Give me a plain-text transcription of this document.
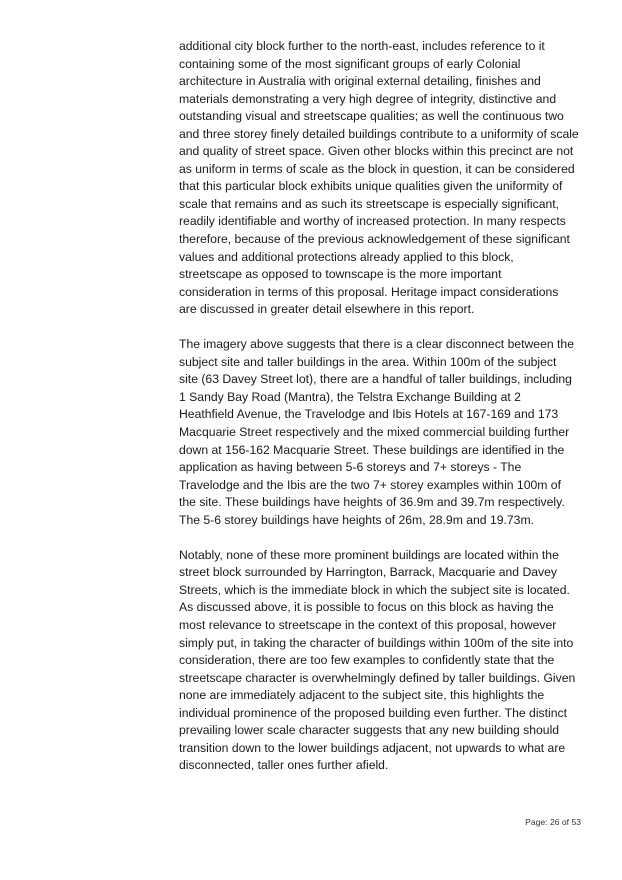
additional city block further to the north-east, includes reference to it
containing some of the most significant groups of early Colonial
architecture in Australia with original external detailing, finishes and
materials demonstrating a very high degree of integrity, distinctive and
outstanding visual and streetscape qualities; as well the continuous two
and three storey finely detailed buildings contribute to a uniformity of scale
and quality of street space. Given other blocks within this precinct are not
as uniform in terms of scale as the block in question, it can be considered
that this particular block exhibits unique qualities given the uniformity of
scale that remains and as such its streetscape is especially significant,
readily identifiable and worthy of increased protection. In many respects
therefore, because of the previous acknowledgement of these significant
values and additional protections already applied to this block,
streetscape as opposed to townscape is the more important
consideration in terms of this proposal. Heritage impact considerations
are discussed in greater detail elsewhere in this report.

The imagery above suggests that there is a clear disconnect between the
subject site and taller buildings in the area. Within 100m of the subject
site (63 Davey Street lot), there are a handful of taller buildings, including
1 Sandy Bay Road (Mantra), the Telstra Exchange Building at 2
Heathfield Avenue, the Travelodge and Ibis Hotels at 167-169 and 173
Macquarie Street respectively and the mixed commercial building further
down at 156-162 Macquarie Street. These buildings are identified in the
application as having between 5-6 storeys and 7+ storeys - The
Travelodge and the Ibis are the two 7+ storey examples within 100m of
the site. These buildings have heights of 36.9m and 39.7m respectively.
The 5-6 storey buildings have heights of 26m, 28.9m and 19.73m.

Notably, none of these more prominent buildings are located within the
street block surrounded by Harrington, Barrack, Macquarie and Davey
Streets, which is the immediate block in which the subject site is located.
As discussed above, it is possible to focus on this block as having the
most relevance to streetscape in the context of this proposal, however
simply put, in taking the character of buildings within 100m of the site into
consideration, there are too few examples to confidently state that the
streetscape character is overwhelmingly defined by taller buildings. Given
none are immediately adjacent to the subject site, this highlights the
individual prominence of the proposed building even further. The distinct
prevailing lower scale character suggests that any new building should
transition down to the lower buildings adjacent, not upwards to what are
disconnected, taller ones further afield.

Page: 26 of 53
